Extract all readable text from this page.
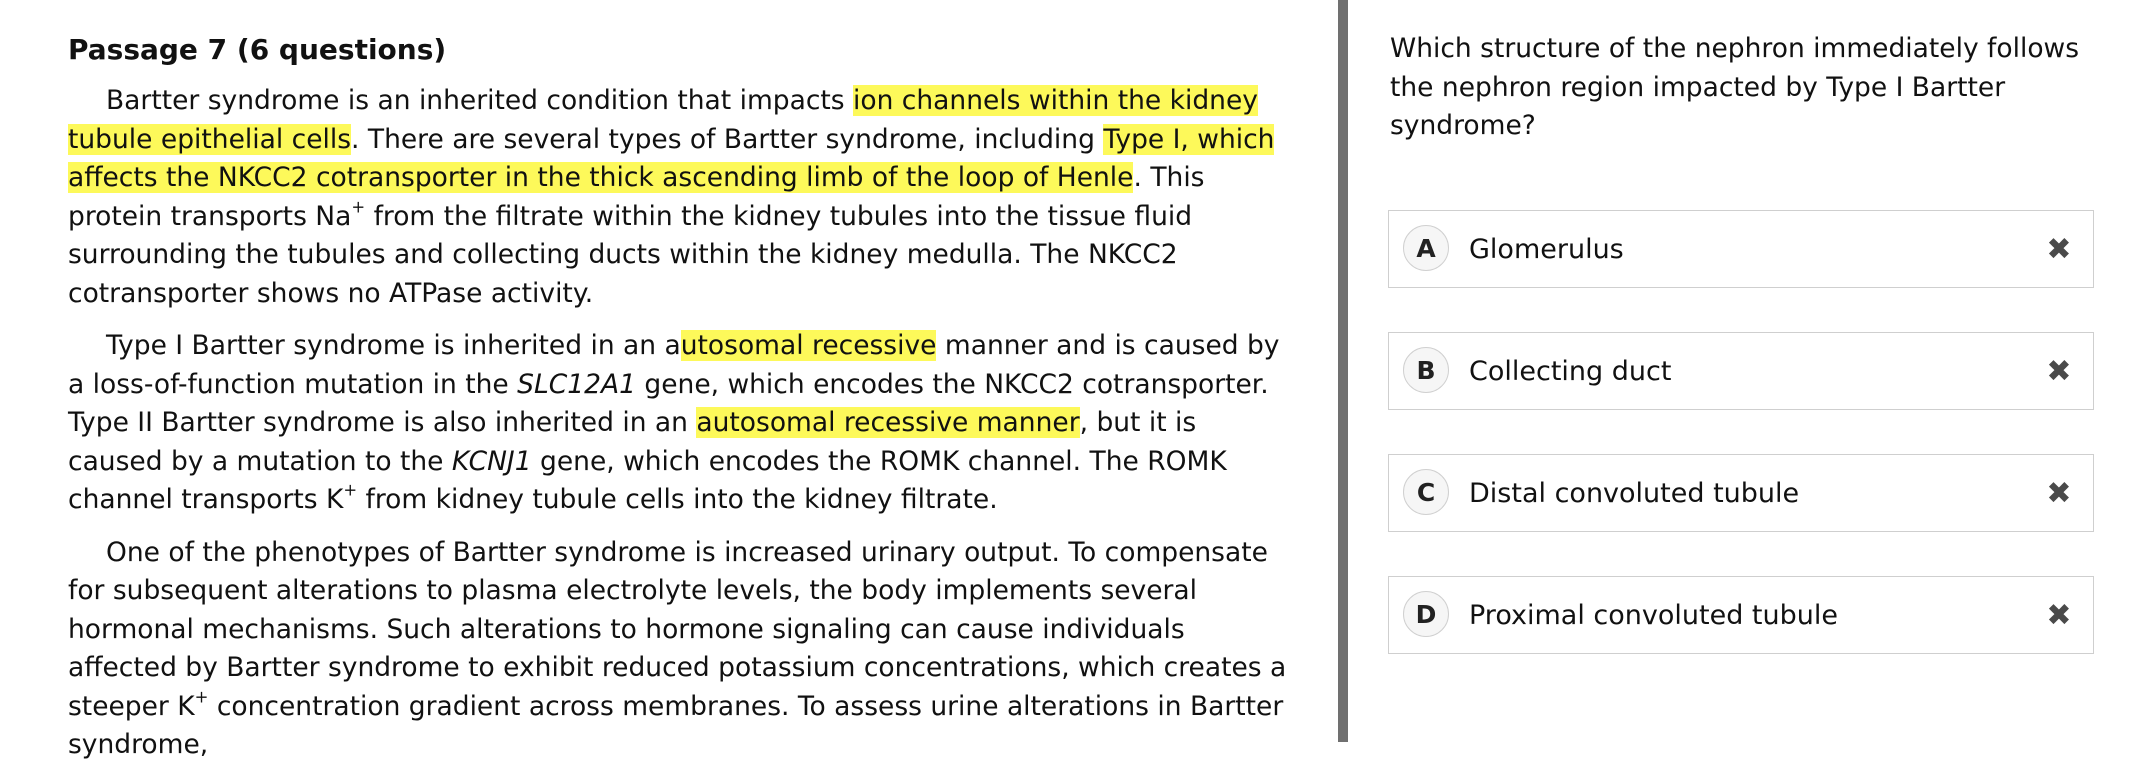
Passage 7 (6 questions)

Bartter syndrome is an inherited condition that impacts ion channels within the kidney tubule epithelial cells. There are several types of Bartter syndrome, including Type I, which affects the NKCC2 cotransporter in the thick ascending limb of the loop of Henle. This protein transports Na+ from the filtrate within the kidney tubules into the tissue fluid surrounding the tubules and collecting ducts within the kidney medulla. The NKCC2 cotransporter shows no ATPase activity.

Type I Bartter syndrome is inherited in an autosomal recessive manner and is caused by a loss-of-function mutation in the SLC12A1 gene, which encodes the NKCC2 cotransporter. Type II Bartter syndrome is also inherited in an autosomal recessive manner, but it is caused by a mutation to the KCNJ1 gene, which encodes the ROMK channel. The ROMK channel transports K+ from kidney tubule cells into the kidney filtrate.

One of the phenotypes of Bartter syndrome is increased urinary output. To compensate for subsequent alterations to plasma electrolyte levels, the body implements several hormonal mechanisms. Such alterations to hormone signaling can cause individuals affected by Bartter syndrome to exhibit reduced potassium concentrations, which creates a steeper K+ concentration gradient across membranes. To assess urine alterations in Bartter syndrome,

Which structure of the nephron immediately follows the nephron region impacted by Type I Bartter syndrome?

A	Glomerulus	✖
B	Collecting duct	✖
C	Distal convoluted tubule	✖
D	Proximal convoluted tubule	✖
